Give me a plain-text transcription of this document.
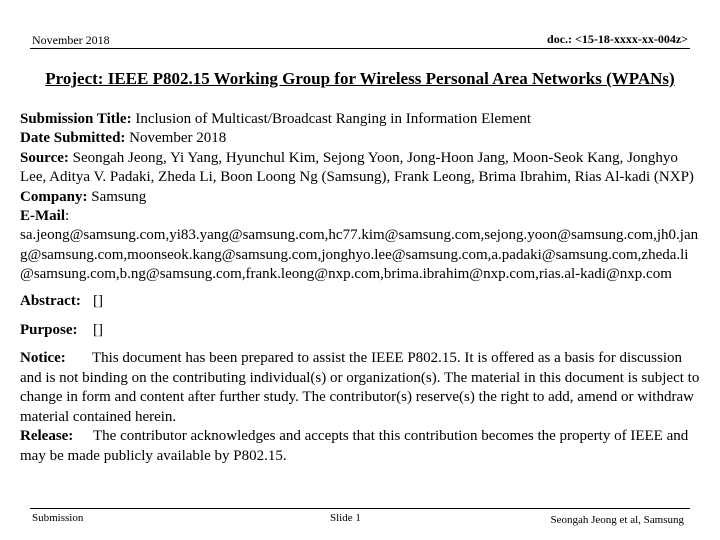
November 2018	doc.: <15-18-xxxx-xx-004z>
Project: IEEE P802.15 Working Group for Wireless Personal Area Networks (WPANs)

Submission Title: Inclusion of Multicast/Broadcast Ranging in Information Element

Date Submitted: November 2018

Source: Seongah Jeong, Yi Yang, Hyunchul Kim, Sejong Yoon, Jong-Hoon Jang, Moon-Seok Kang, Jonghyo Lee, Aditya V. Padaki, Zheda Li, Boon Loong Ng (Samsung), Frank Leong, Brima Ibrahim, Rias Al-kadi (NXP)

Company: Samsung

E-Mail:

sa.jeong@samsung.com,yi83.yang@samsung.com,hc77.kim@samsung.com,sejong.yoon@samsung.com,jh0.jang@samsung.com,moonseok.kang@samsung.com,jonghyo.lee@samsung.com,a.padaki@samsung.com,zheda.li@samsung.com,b.ng@samsung.com,frank.leong@nxp.com,brima.ibrahim@nxp.com,rias.al-kadi@nxp.com

Abstract: []

Purpose: []

Notice: This document has been prepared to assist the IEEE P802.15. It is offered as a basis for discussion and is not binding on the contributing individual(s) or organization(s). The material in this document is subject to change in form and content after further study. The contributor(s) reserve(s) the right to add, amend or withdraw material contained herein.

Release: The contributor acknowledges and accepts that this contribution becomes the property of IEEE and may be made publicly available by P802.15.

Submission	Slide 1	Seongah Jeong et al, Samsung
